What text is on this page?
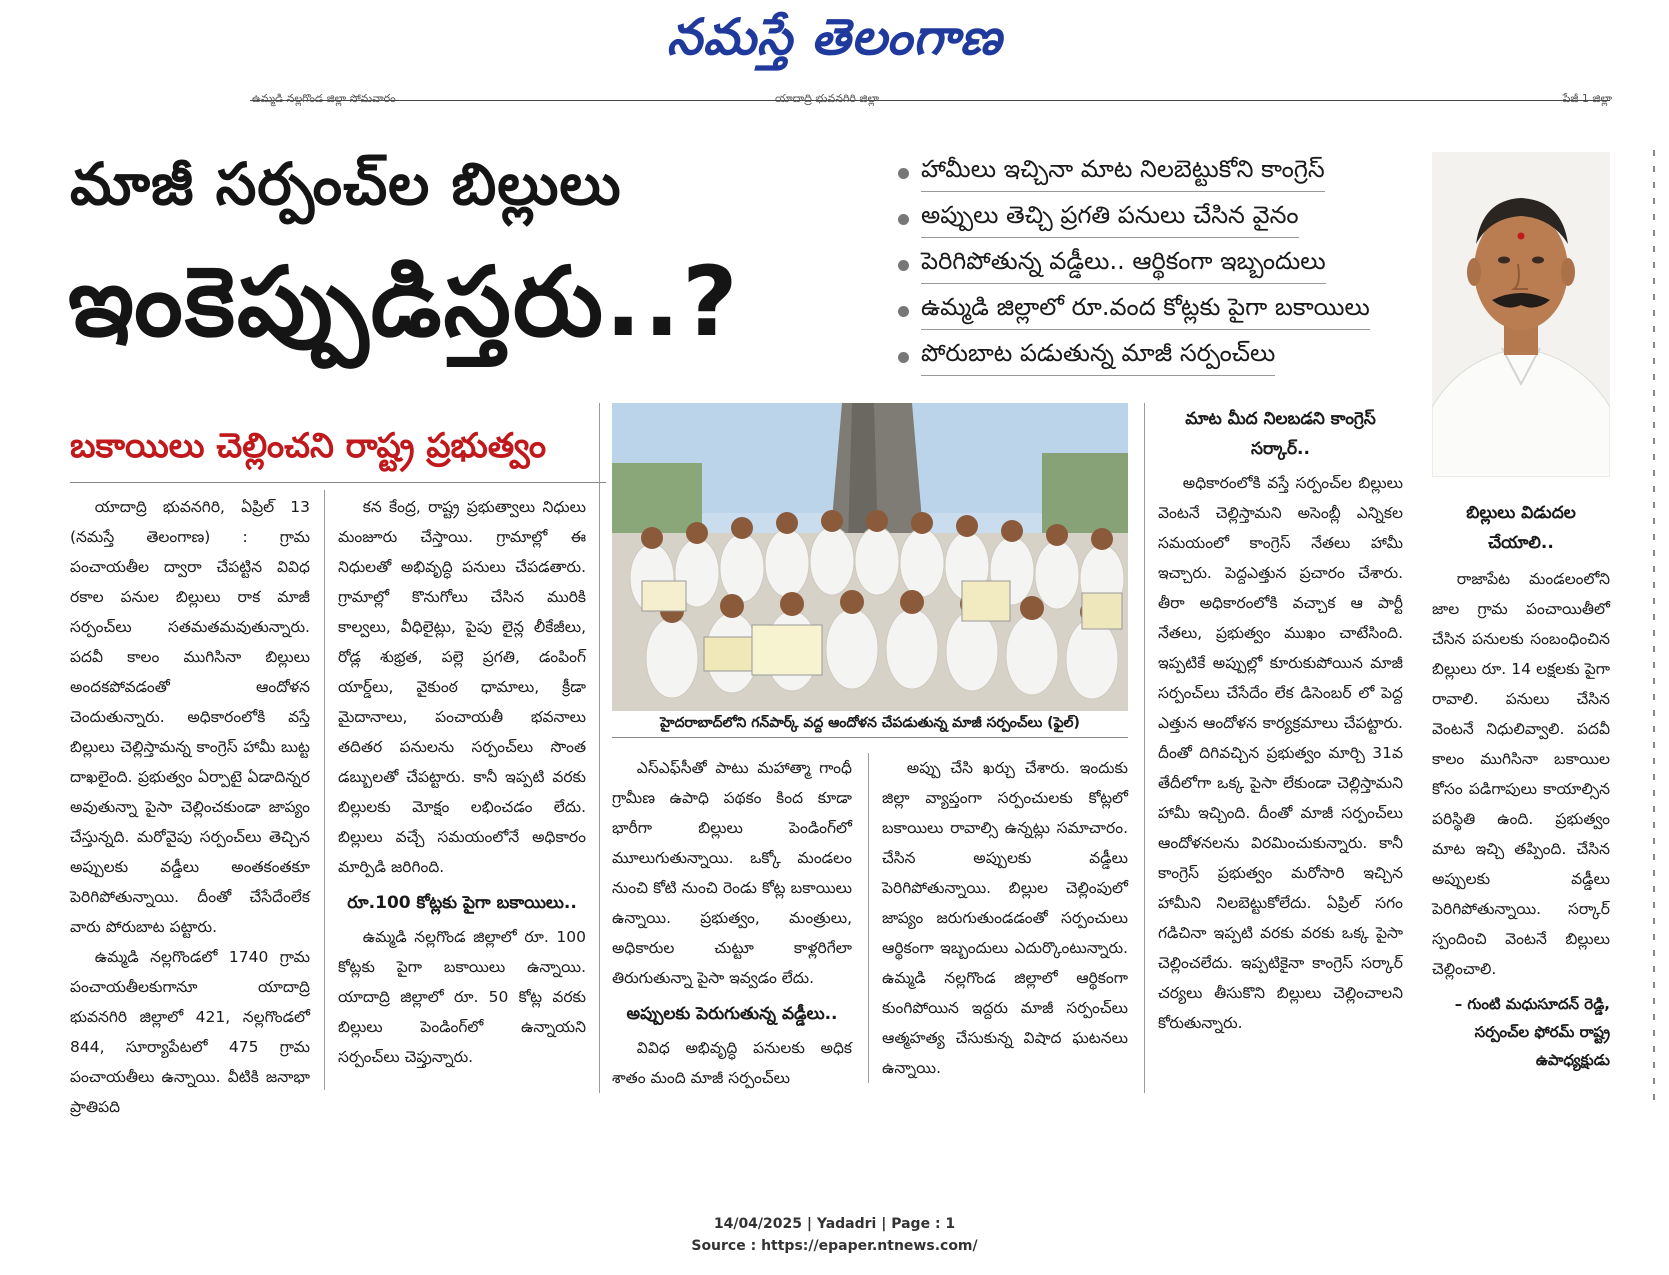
నమస్తే తెలంగాణ
ఉమ్మడి నల్లగొండ జిల్లా సోమవారం	యాదాద్రి భువనగిరి జిల్లా	పేజీ 1 జిల్లా
మాజీ సర్పంచ్‌ల బిల్లులు
ఇంకెప్పుడిస్తరు..?
హామీలు ఇచ్చినా మాట నిలబెట్టుకోని కాంగ్రెస్
అప్పులు తెచ్చి ప్రగతి పనులు చేసిన వైనం
పెరిగిపోతున్న వడ్డీలు.. ఆర్థికంగా ఇబ్బందులు
ఉమ్మడి జిల్లాలో రూ.వంద కోట్లకు పైగా బకాయిలు
పోరుబాట పడుతున్న మాజీ సర్పంచ్‌లు
బకాయిలు చెల్లించని రాష్ట్ర ప్రభుత్వం

యాదాద్రి భువనగిరి, ఏప్రిల్ 13 (నమస్తే తెలంగాణ) : గ్రామ పంచాయతీల ద్వారా చేపట్టిన వివిధ రకాల పనుల బిల్లులు రాక మాజీ సర్పంచ్‌లు సతమతమవుతున్నారు. పదవీ కాలం ముగిసినా బిల్లులు అందకపోవడంతో ఆందోళన చెందుతున్నారు. అధికారంలోకి వస్తే బిల్లులు చెల్లిస్తామన్న కాంగ్రెస్ హామీ బుట్ట దాఖలైంది. ప్రభుత్వం ఏర్పాటై ఏడాదిన్నర అవుతున్నా పైసా చెల్లించకుండా జాప్యం చేస్తున్నది. మరోవైపు సర్పంచ్‌లు తెచ్చిన అప్పులకు వడ్డీలు అంతకంతకూ పెరిగిపోతున్నాయి. దీంతో చేసేదేంలేక వారు పోరుబాట పట్టారు.

ఉమ్మడి నల్లగొండలో 1740 గ్రామ పంచాయతీలకుగానూ యాదాద్రి భువనగిరి జిల్లాలో 421, నల్లగొండలో 844, సూర్యాపేటలో 475 గ్రామ పంచాయతీలు ఉన్నాయి. వీటికి జనాభా ప్రాతిపది

కన కేంద్ర, రాష్ట్ర ప్రభుత్వాలు నిధులు మంజూరు చేస్తాయి. గ్రామాల్లో ఈ నిధులతో అభివృద్ధి పనులు చేపడతారు. గ్రామాల్లో కొనుగోలు చేసిన మురికి కాల్వలు, వీధిలైట్లు, పైపు లైన్ల లీకేజీలు, రోడ్ల శుభ్రత, పల్లె ప్రగతి, డంపింగ్ యార్డ్‌లు, వైకుంఠ ధామాలు, క్రీడా మైదానాలు, పంచాయతీ భవనాలు తదితర పనులను సర్పంచ్‌లు సొంత డబ్బులతో చేపట్టారు. కానీ ఇప్పటి వరకు బిల్లులకు మోక్షం లభించడం లేదు. బిల్లులు వచ్చే సమయంలోనే అధికారం మార్పిడి జరిగింది.

రూ.100 కోట్లకు పైగా బకాయిలు..

ఉమ్మడి నల్లగొండ జిల్లాలో రూ. 100 కోట్లకు పైగా బకాయిలు ఉన్నాయి. యాదాద్రి జిల్లాలో రూ. 50 కోట్ల వరకు బిల్లులు పెండింగ్‌లో ఉన్నాయని సర్పంచ్‌లు చెప్తున్నారు.

హైదరాబాద్‌లోని గన్‌పార్క్ వద్ద ఆందోళన చేపడుతున్న మాజీ సర్పంచ్‌లు (ఫైల్)

ఎస్‌ఎఫ్‌సీతో పాటు మహాత్మా గాంధీ గ్రామీణ ఉపాధి పథకం కింద కూడా భారీగా బిల్లులు పెండింగ్‌లో మూలుగుతున్నాయి. ఒక్కో మండలం నుంచి కోటి నుంచి రెండు కోట్ల బకాయిలు ఉన్నాయి. ప్రభుత్వం, మంత్రులు, అధికారుల చుట్టూ కాళ్లరిగేలా తిరుగుతున్నా పైసా ఇవ్వడం లేదు.

అప్పులకు పెరుగుతున్న వడ్డీలు..

వివిధ అభివృద్ధి పనులకు అధిక శాతం మంది మాజీ సర్పంచ్‌లు

అప్పు చేసి ఖర్చు చేశారు. ఇందుకు జిల్లా వ్యాప్తంగా సర్పంచులకు కోట్లలో బకాయిలు రావాల్సి ఉన్నట్లు సమాచారం. చేసిన అప్పులకు వడ్డీలు పెరిగిపోతున్నాయి. బిల్లుల చెల్లింపులో జాప్యం జరుగుతుండడంతో సర్పంచులు ఆర్థికంగా ఇబ్బందులు ఎదుర్కొంటున్నారు. ఉమ్మడి నల్లగొండ జిల్లాలో ఆర్థికంగా కుంగిపోయిన ఇద్దరు మాజీ సర్పంచ్‌లు ఆత్మహత్య చేసుకున్న విషాద ఘటనలు ఉన్నాయి.

మాట మీద నిలబడని కాంగ్రెస్ సర్కార్..

అధికారంలోకి వస్తే సర్పంచ్‌ల బిల్లులు వెంటనే చెల్లిస్తామని అసెంబ్లీ ఎన్నికల సమయంలో కాంగ్రెస్ నేతలు హామీ ఇచ్చారు. పెద్దఎత్తున ప్రచారం చేశారు. తీరా అధికారంలోకి వచ్చాక ఆ పార్టీ నేతలు, ప్రభుత్వం ముఖం చాటేసింది. ఇప్పటికే అప్పుల్లో కూరుకుపోయిన మాజీ సర్పంచ్‌లు చేసేదేం లేక డిసెంబర్ లో పెద్ద ఎత్తున ఆందోళన కార్యక్రమాలు చేపట్టారు. దీంతో దిగివచ్చిన ప్రభుత్వం మార్చి 31వ తేదీలోగా ఒక్క పైసా లేకుండా చెల్లిస్తామని హామీ ఇచ్చింది. దీంతో మాజీ సర్పంచ్‌లు ఆందోళనలను విరమించుకున్నారు. కానీ కాంగ్రెస్ ప్రభుత్వం మరోసారి ఇచ్చిన హామీని నిలబెట్టుకోలేదు. ఏప్రిల్ సగం గడిచినా ఇప్పటి వరకు వరకు ఒక్క పైసా చెల్లించలేదు. ఇప్పటికైనా కాంగ్రెస్ సర్కార్ చర్యలు తీసుకొని బిల్లులు చెల్లించాలని కోరుతున్నారు.

బిల్లులు విడుదల చేయాలి..

రాజాపేట మండలంలోని జాల గ్రామ పంచాయితీలో చేసిన పనులకు సంబంధించిన బిల్లులు రూ. 14 లక్షలకు పైగా రావాలి. పనులు చేసిన వెంటనే నిధులివ్వాలి. పదవీ కాలం ముగిసినా బకాయిల కోసం పడిగాపులు కాయాల్సిన పరిస్థితి ఉంది. ప్రభుత్వం మాట ఇచ్చి తప్పింది. చేసిన అప్పులకు వడ్డీలు పెరిగిపోతున్నాయి. సర్కార్ స్పందించి వెంటనే బిల్లులు చెల్లించాలి.

– గుంటి మధుసూదన్ రెడ్డి, సర్పంచ్‌ల ఫోరమ్ రాష్ట్ర ఉపాధ్యక్షుడు
14/04/2025 | Yadadri | Page : 1
Source : https://epaper.ntnews.com/
